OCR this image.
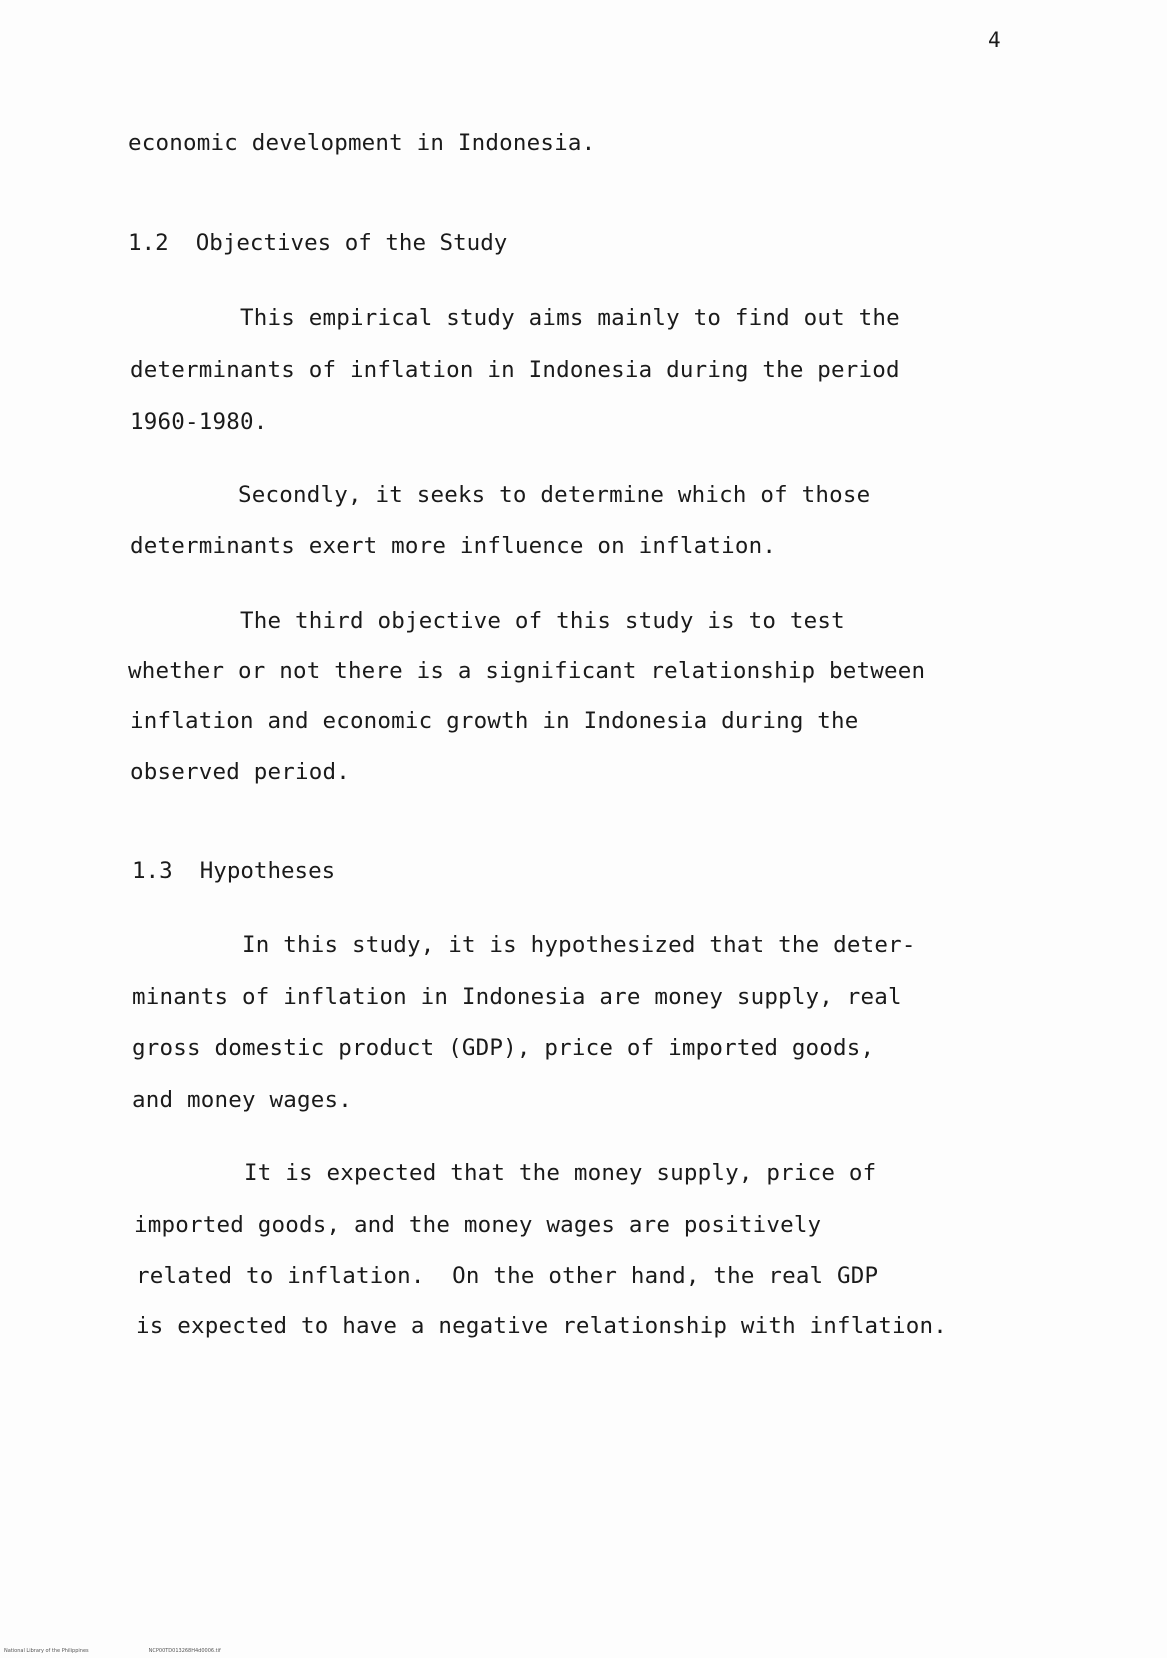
4
economic development in Indonesia.
1.2  Objectives of the Study
This empirical study aims mainly to find out the
determinants of inflation in Indonesia during the period
1960-1980.
Secondly, it seeks to determine which of those
determinants exert more influence on inflation.
The third objective of this study is to test
whether or not there is a significant relationship between
inflation and economic growth in Indonesia during the
observed period.
1.3  Hypotheses
In this study, it is hypothesized that the deter-
minants of inflation in Indonesia are money supply, real
gross domestic product (GDP), price of imported goods,
and money wages.
It is expected that the money supply, price of
imported goods, and the money wages are positively
related to inflation.  On the other hand, the real GDP
is expected to have a negative relationship with inflation.
National Library of the Philippines	NCP00TD013268H4d0006.tif
